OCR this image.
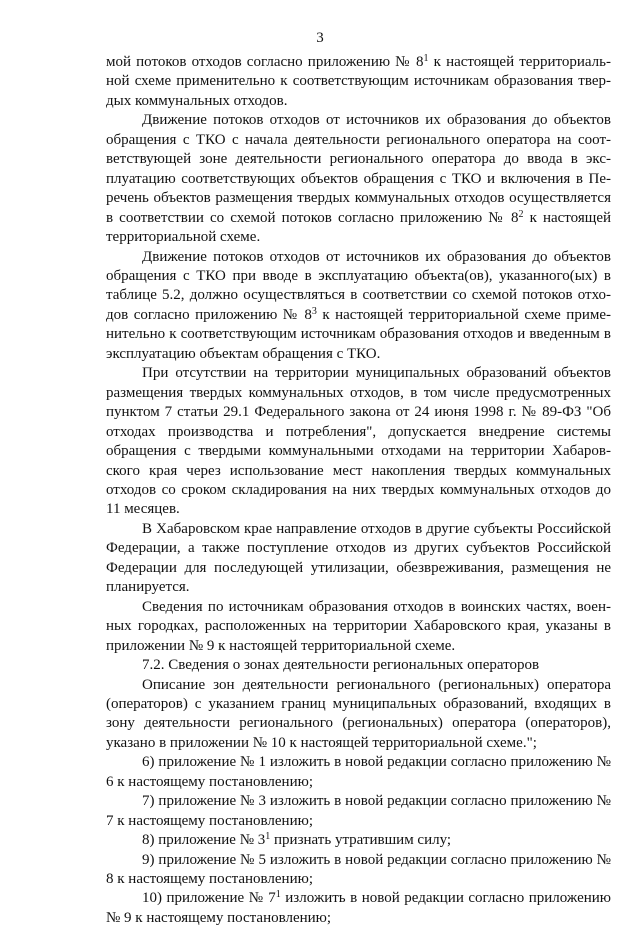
3

мой потоков отходов согласно приложению № $8^1$ к настоящей территориальной схеме применительно к соответствующим источникам образования твердых коммунальных отходов.

Движение потоков отходов от источников их образования до объектов обращения с ТКО с начала деятельности регионального оператора на соответствующей зоне деятельности регионального оператора до ввода в эксплуатацию соответствующих объектов обращения с ТКО и включения в Перечень объектов размещения твердых коммунальных отходов осуществляется в соответствии со схемой потоков согласно приложению № $8^2$ к настоящей территориальной схеме.

Движение потоков отходов от источников их образования до объектов обращения с ТКО при вводе в эксплуатацию объекта(ов), указанного(ых) в таблице 5.2, должно осуществляться в соответствии со схемой потоков отходов согласно приложению № $8^3$ к настоящей территориальной схеме применительно к соответствующим источникам образования отходов и введенным в эксплуатацию объектам обращения с ТКО.

При отсутствии на территории муниципальных образований объектов размещения твердых коммунальных отходов, в том числе предусмотренных пунктом 7 статьи 29.1 Федерального закона от 24 июня 1998 г. № 89-ФЗ "Об отходах производства и потребления", допускается внедрение системы обращения с твердыми коммунальными отходами на территории Хабаровского края через использование мест накопления твердых коммунальных отходов со сроком складирования на них твердых коммунальных отходов до 11 месяцев.

В Хабаровском крае направление отходов в другие субъекты Российской Федерации, а также поступление отходов из других субъектов Российской Федерации для последующей утилизации, обезвреживания, размещения не планируется.

Сведения по источникам образования отходов в воинских частях, военных городках, расположенных на территории Хабаровского края, указаны в приложении № 9 к настоящей территориальной схеме.

7.2. Сведения о зонах деятельности региональных операторов

Описание зон деятельности регионального (региональных) оператора (операторов) с указанием границ муниципальных образований, входящих в зону деятельности регионального (региональных) оператора (операторов), указано в приложении № 10 к настоящей территориальной схеме.";

6) приложение № 1 изложить в новой редакции согласно приложению № 6 к настоящему постановлению;

7) приложение № 3 изложить в новой редакции согласно приложению № 7 к настоящему постановлению;

8) приложение № $3^1$ признать утратившим силу;

9) приложение № 5 изложить в новой редакции согласно приложению № 8 к настоящему постановлению;

10) приложение № $7^1$ изложить в новой редакции согласно приложению № 9 к настоящему постановлению;
